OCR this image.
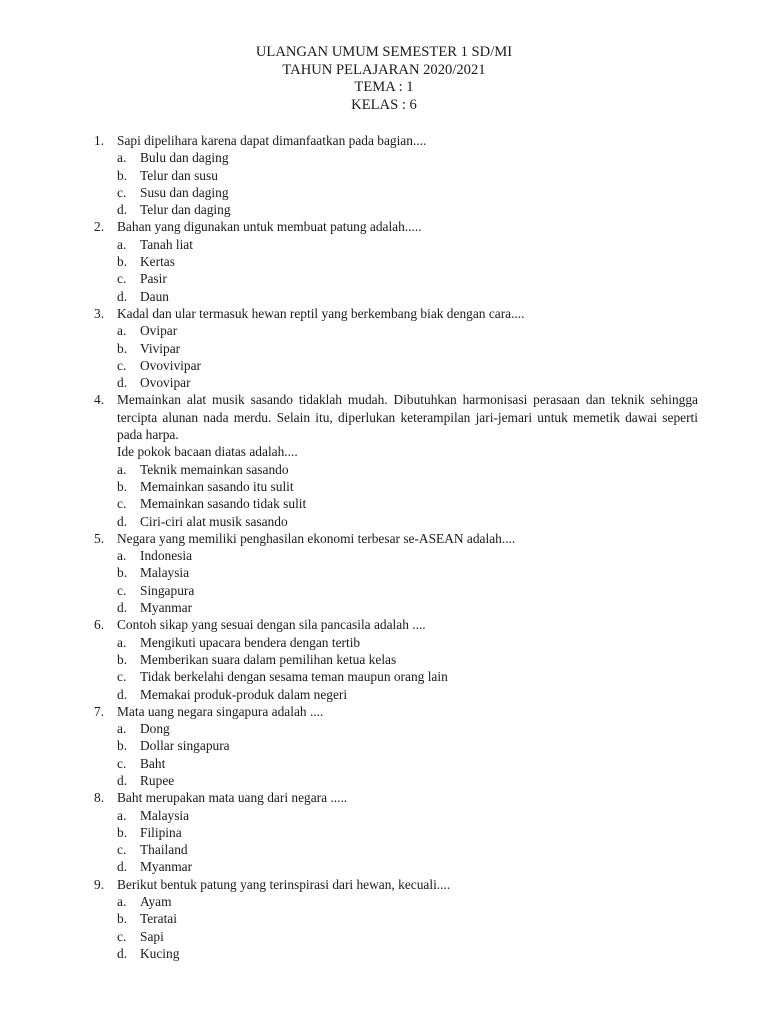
ULANGAN UMUM SEMESTER 1 SD/MI
TAHUN PELAJARAN 2020/2021
TEMA : 1
KELAS : 6
1. Sapi dipelihara karena dapat dimanfaatkan pada bagian....
a. Bulu dan daging
b. Telur dan susu
c. Susu dan daging
d. Telur dan daging
2. Bahan yang digunakan untuk membuat patung adalah.....
a. Tanah liat
b. Kertas
c. Pasir
d. Daun
3. Kadal dan ular termasuk hewan reptil yang berkembang biak dengan cara....
a. Ovipar
b. Vivipar
c. Ovovivipar
d. Ovovipar
4. Memainkan alat musik sasando tidaklah mudah. Dibutuhkan harmonisasi perasaan dan teknik sehingga tercipta alunan nada merdu. Selain itu, diperlukan keterampilan jari-jemari untuk memetik dawai seperti pada harpa.
Ide pokok bacaan diatas adalah....
a. Teknik memainkan sasando
b. Memainkan sasando itu sulit
c. Memainkan sasando tidak sulit
d. Ciri-ciri alat musik sasando
5. Negara yang memiliki penghasilan ekonomi terbesar se-ASEAN adalah....
a. Indonesia
b. Malaysia
c. Singapura
d. Myanmar
6. Contoh sikap yang sesuai dengan sila pancasila adalah ....
a. Mengikuti upacara bendera dengan tertib
b. Memberikan suara dalam pemilihan ketua kelas
c. Tidak berkelahi dengan sesama teman maupun orang lain
d. Memakai produk-produk dalam negeri
7. Mata uang negara singapura adalah ....
a. Dong
b. Dollar singapura
c. Baht
d. Rupee
8. Baht merupakan mata uang dari negara .....
a. Malaysia
b. Filipina
c. Thailand
d. Myanmar
9. Berikut bentuk patung yang terinspirasi dari hewan, kecuali....
a. Ayam
b. Teratai
c. Sapi
d. Kucing
